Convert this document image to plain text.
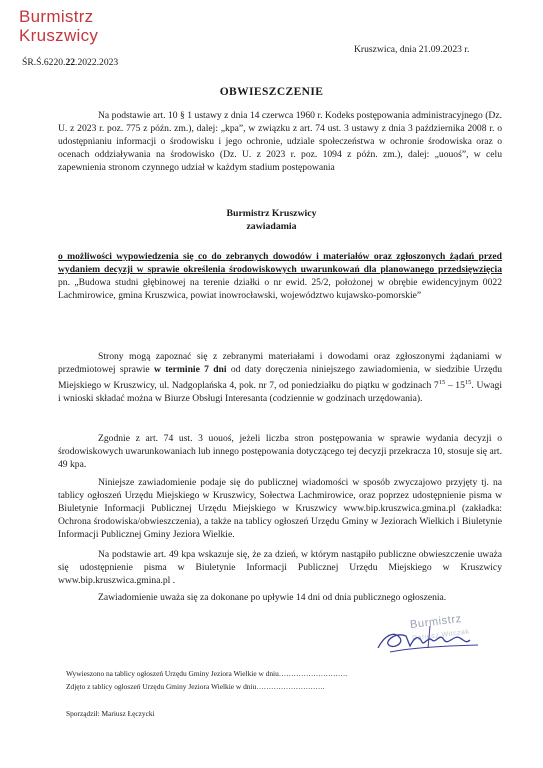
Burmistrz
Kruszwicy
ŚR.Ś.6220.22.2022.2023
Kruszwica, dnia 21.09.2023 r.
OBWIESZCZENIE

Na podstawie art. 10 § 1 ustawy z dnia 14 czerwca 1960 r. Kodeks postępowania administracyjnego (Dz. U. z 2023 r. poz. 775 z późn. zm.), dalej: „kpa”, w związku z art. 74 ust. 3 ustawy z dnia 3 października 2008 r. o udostępnianiu informacji o środowisku i jego ochronie, udziale społeczeństwa w ochronie środowiska oraz o ocenach oddziaływania na środowisko (Dz. U. z 2023 r. poz. 1094 z późn. zm.), dalej: „uouoś”, w celu zapewnienia stronom czynnego udział w każdym stadium postępowania

Burmistrz Kruszwicy
zawiadamia

o możliwości wypowiedzenia się co do zebranych dowodów i materiałów oraz zgłoszonych żądań przed wydaniem decyzji w sprawie określenia środowiskowych uwarunkowań dla planowanego przedsięwzięcia pn. „Budowa studni głębinowej na terenie działki o nr ewid. 25/2, położonej w obrębie ewidencyjnym 0022 Lachmirowice, gmina Kruszwica, powiat inowrocławski, województwo kujawsko-pomorskie”

Strony mogą zapoznać się z zebranymi materiałami i dowodami oraz zgłoszonymi żądaniami w przedmiotowej sprawie w terminie 7 dni od daty doręczenia niniejszego zawiadomienia, w siedzibie Urzędu Miejskiego w Kruszwicy, ul. Nadgoplańska 4, pok. nr 7, od poniedziałku do piątku w godzinach $7^{15} - 15^{15}$. Uwagi i wnioski składać można w Biurze Obsługi Interesanta (codziennie w godzinach urzędowania).

Zgodnie z art. 74 ust. 3 uouoś, jeżeli liczba stron postępowania w sprawie wydania decyzji o środowiskowych uwarunkowaniach lub innego postępowania dotyczącego tej decyzji przekracza 10, stosuje się art. 49 kpa.

Niniejsze zawiadomienie podaje się do publicznej wiadomości w sposób zwyczajowo przyjęty tj. na tablicy ogłoszeń Urzędu Miejskiego w Kruszwicy, Sołectwa Lachmirowice, oraz poprzez udostępnienie pisma w Biuletynie Informacji Publicznej Urzędu Miejskiego w Kruszwicy www.bip.kruszwica.gmina.pl (zakładka: Ochrona środowiska/obwieszczenia), a także na tablicy ogłoszeń Urzędu Gminy w Jeziorach Wielkich i Biuletynie Informacji Publicznej Gminy Jeziora Wielkie.

Na podstawie art. 49 kpa wskazuje się, że za dzień, w którym nastąpiło publiczne obwieszczenie uważa się udostępnienie pisma w Biuletynie Informacji Publicznej Urzędu Miejskiego w Kruszwicy www.bip.kruszwica.gmina.pl .

Zawiadomienie uważa się za dokonane po upływie 14 dni od dnia publicznego ogłoszenia.

Burmistrz
Dariusz Witczak
Wywieszono na tablicy ogłoszeń Urzędu Gminy Jeziora Wielkie w dniu……………………….
Zdjęto z tablicy ogłoszeń Urzędu Gminy Jeziora Wielkie w dniu……………………….
Sporządził: Mariusz Łęczycki
